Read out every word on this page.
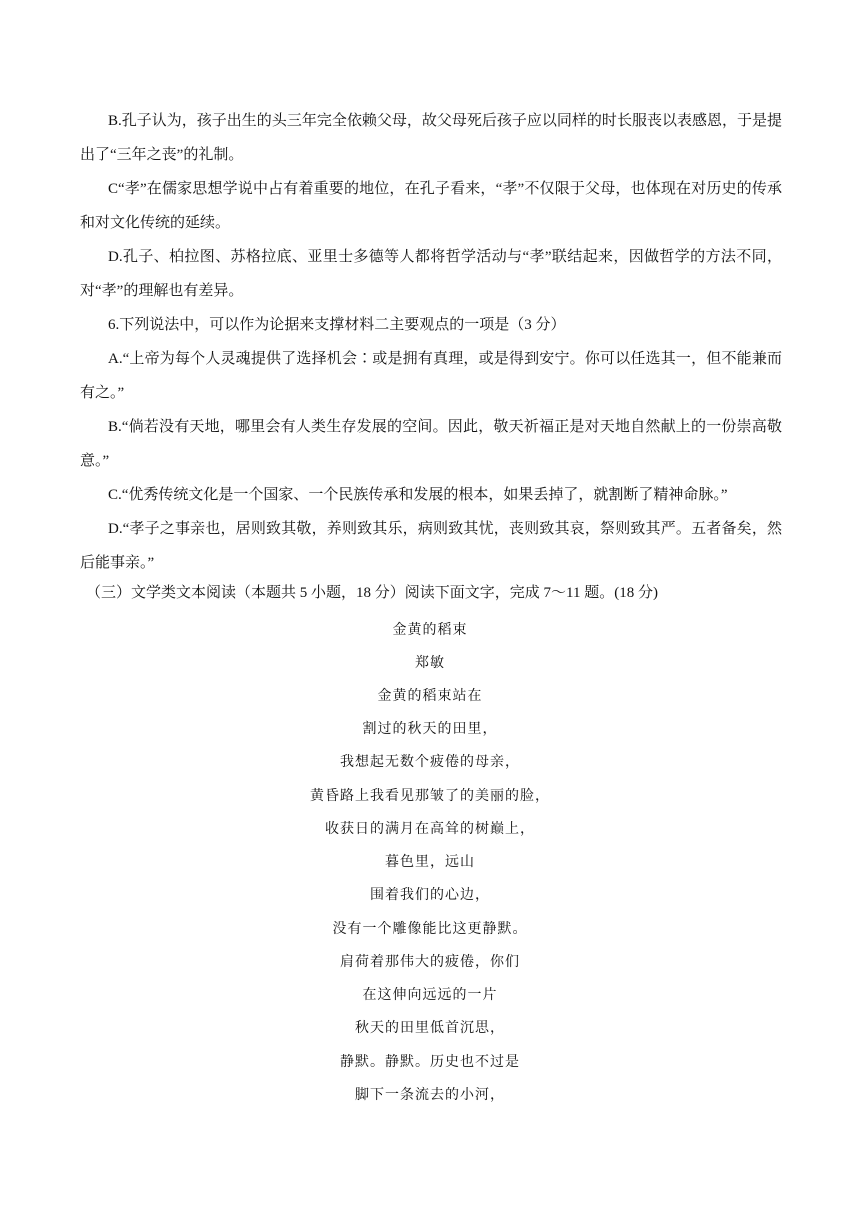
B.孔子认为，孩子出生的头三年完全依赖父母，故父母死后孩子应以同样的时长服丧以表感恩，于是提出了“三年之丧”的礼制。

C“孝”在儒家思想学说中占有着重要的地位，在孔子看来，“孝”不仅限于父母，也体现在对历史的传承和对文化传统的延续。

D.孔子、柏拉图、苏格拉底、亚里士多德等人都将哲学活动与“孝”联结起来，因做哲学的方法不同，对“孝”的理解也有差异。

6.下列说法中，可以作为论据来支撑材料二主要观点的一项是（3 分）

A.“上帝为每个人灵魂提供了选择机会∶或是拥有真理，或是得到安宁。你可以任选其一，但不能兼而有之。”

B.“倘若没有天地，哪里会有人类生存发展的空间。因此，敬天祈福正是对天地自然献上的一份崇高敬意。”

C.“优秀传统文化是一个国家、一个民族传承和发展的根本，如果丢掉了，就割断了精神命脉。”

D.“孝子之事亲也，居则致其敬，养则致其乐，病则致其忧，丧则致其哀，祭则致其严。五者备矣，然后能事亲。”

（三）文学类文本阅读（本题共 5 小题，18 分）阅读下面文字，完成 7～11 题。(18 分)

金黄的稻束

郑敏

金黄的稻束站在

割过的秋天的田里，

我想起无数个疲倦的母亲，

黄昏路上我看见那皱了的美丽的脸，

收获日的满月在高耸的树巅上，

暮色里，远山

围着我们的心边，

没有一个雕像能比这更静默。

肩荷着那伟大的疲倦，你们

在这伸向远远的一片

秋天的田里低首沉思，

静默。静默。历史也不过是

脚下一条流去的小河，
